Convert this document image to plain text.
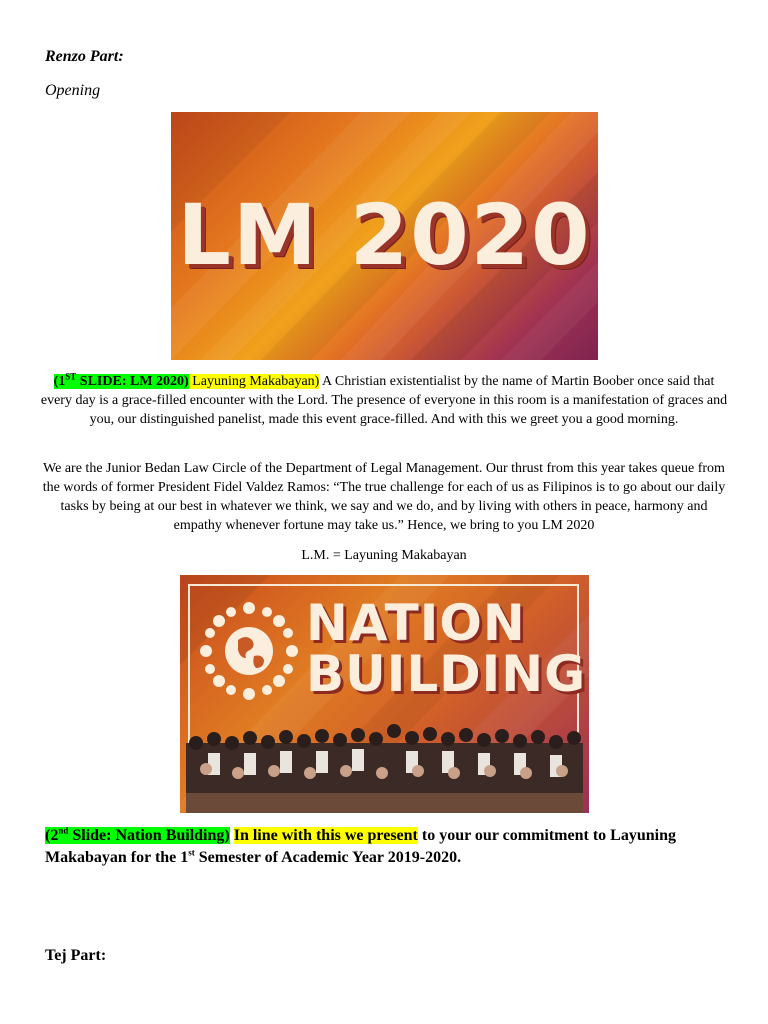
Renzo Part:
Opening
LM 2020
(1ST SLIDE: LM 2020) Layuning Makabayan) A Christian existentialist by the name of Martin Boober once said that every day is a grace-filled encounter with the Lord. The presence of everyone in this room is a manifestation of graces and you, our distinguished panelist, made this event grace-filled. And with this we greet you a good morning.
We are the Junior Bedan Law Circle of the Department of Legal Management. Our thrust from this year takes queue from the words of former President Fidel Valdez Ramos: “The true challenge for each of us as Filipinos is to go about our daily tasks by being at our best in whatever we think, we say and we do, and by living with others in peace, harmony and empathy whenever fortune may take us.” Hence, we bring to you LM 2020
L.M. = Layuning Makabayan
NATION
BUILDING
(2nd Slide: Nation Building) In line with this we present to your our commitment to Layuning Makabayan for the 1st Semester of Academic Year 2019-2020.
Tej Part:
